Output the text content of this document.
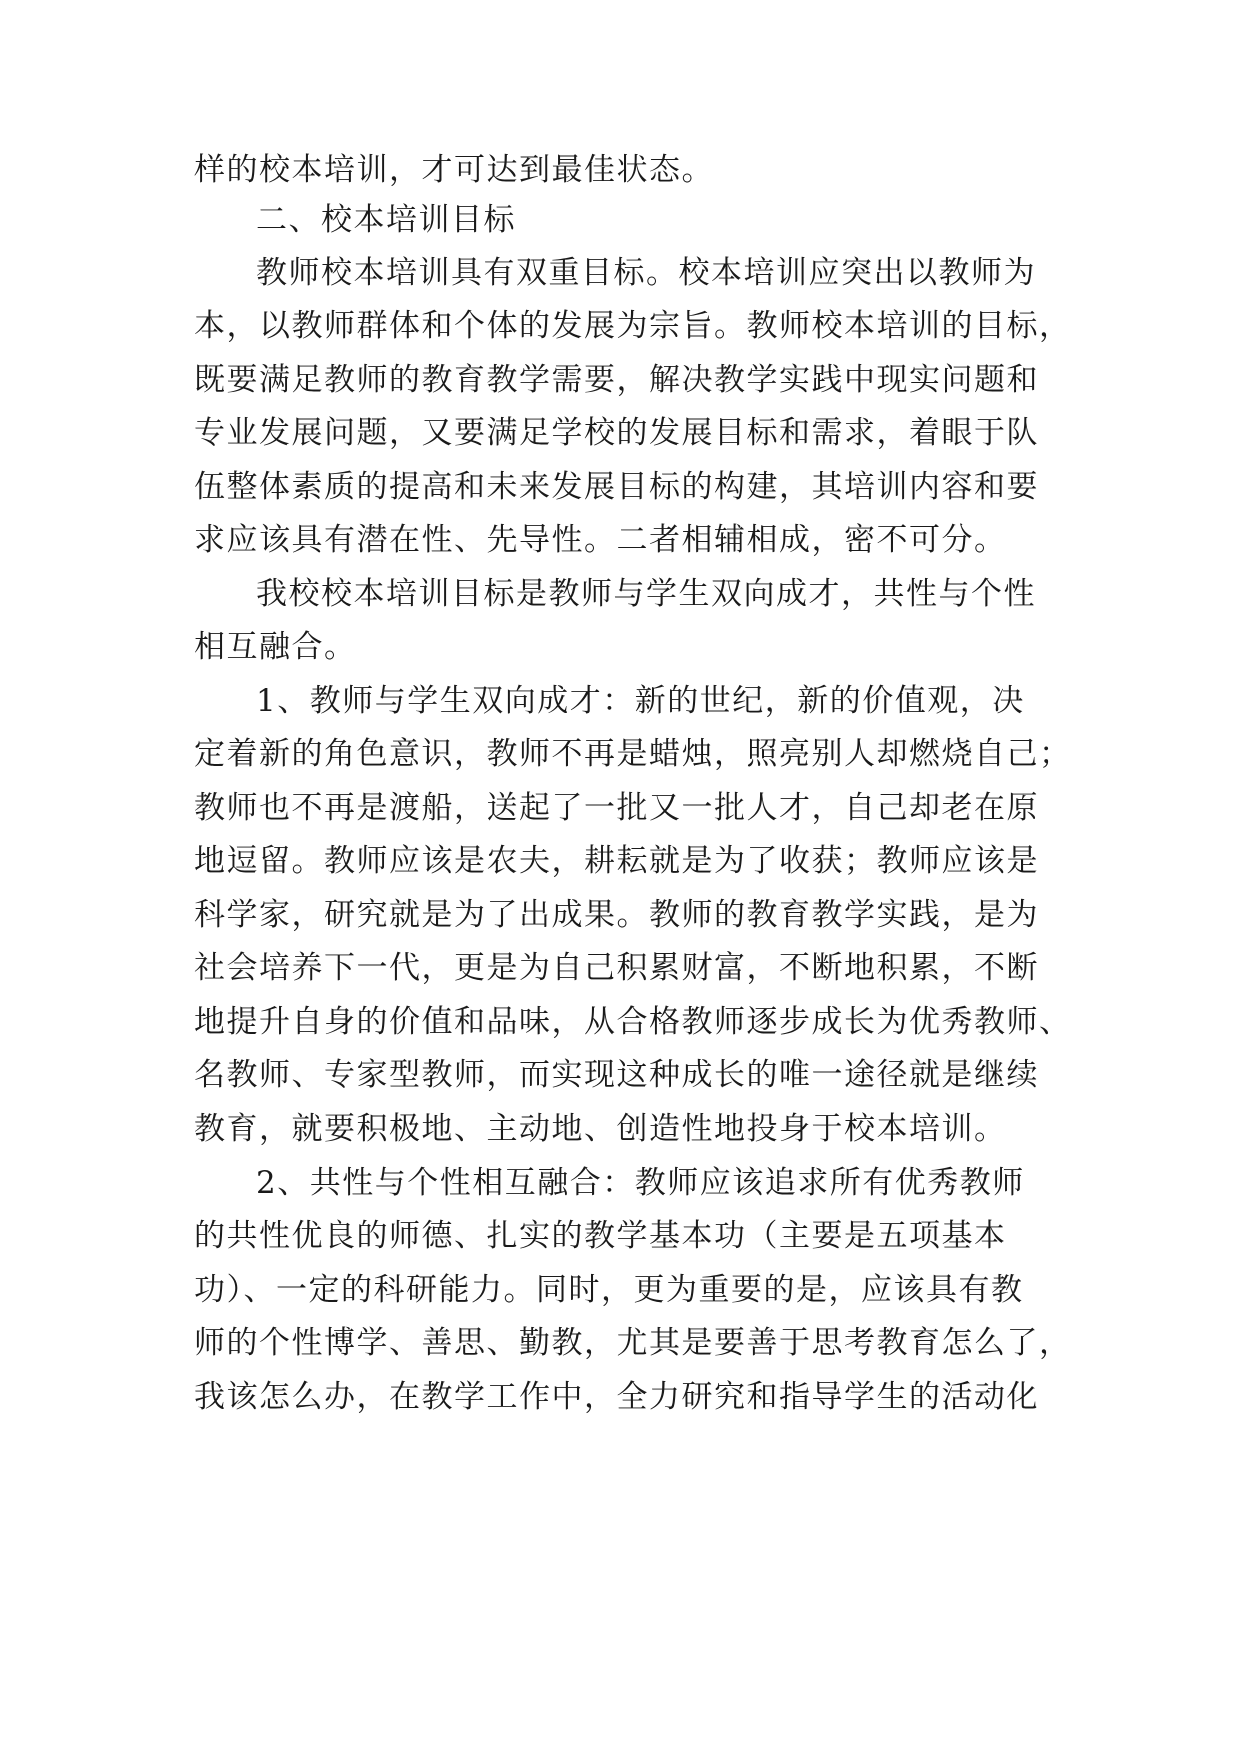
样的校本培训，才可达到最佳状态。
二、校本培训目标
教师校本培训具有双重目标。校本培训应突出以教师为
本，以教师群体和个体的发展为宗旨。教师校本培训的目标，
既要满足教师的教育教学需要，解决教学实践中现实问题和
专业发展问题，又要满足学校的发展目标和需求，着眼于队
伍整体素质的提高和未来发展目标的构建，其培训内容和要
求应该具有潜在性、先导性。二者相辅相成，密不可分。
我校校本培训目标是教师与学生双向成才，共性与个性
相互融合。
1、教师与学生双向成才：新的世纪，新的价值观，决
定着新的角色意识，教师不再是蜡烛，照亮别人却燃烧自己；
教师也不再是渡船，送起了一批又一批人才，自己却老在原
地逗留。教师应该是农夫，耕耘就是为了收获；教师应该是
科学家，研究就是为了出成果。教师的教育教学实践，是为
社会培养下一代，更是为自己积累财富，不断地积累，不断
地提升自身的价值和品味，从合格教师逐步成长为优秀教师、
名教师、专家型教师，而实现这种成长的唯一途径就是继续
教育，就要积极地、主动地、创造性地投身于校本培训。
2、共性与个性相互融合：教师应该追求所有优秀教师
的共性优良的师德、扎实的教学基本功（主要是五项基本
功）、一定的科研能力。同时，更为重要的是，应该具有教
师的个性博学、善思、勤教，尤其是要善于思考教育怎么了，
我该怎么办，在教学工作中，全力研究和指导学生的活动化
